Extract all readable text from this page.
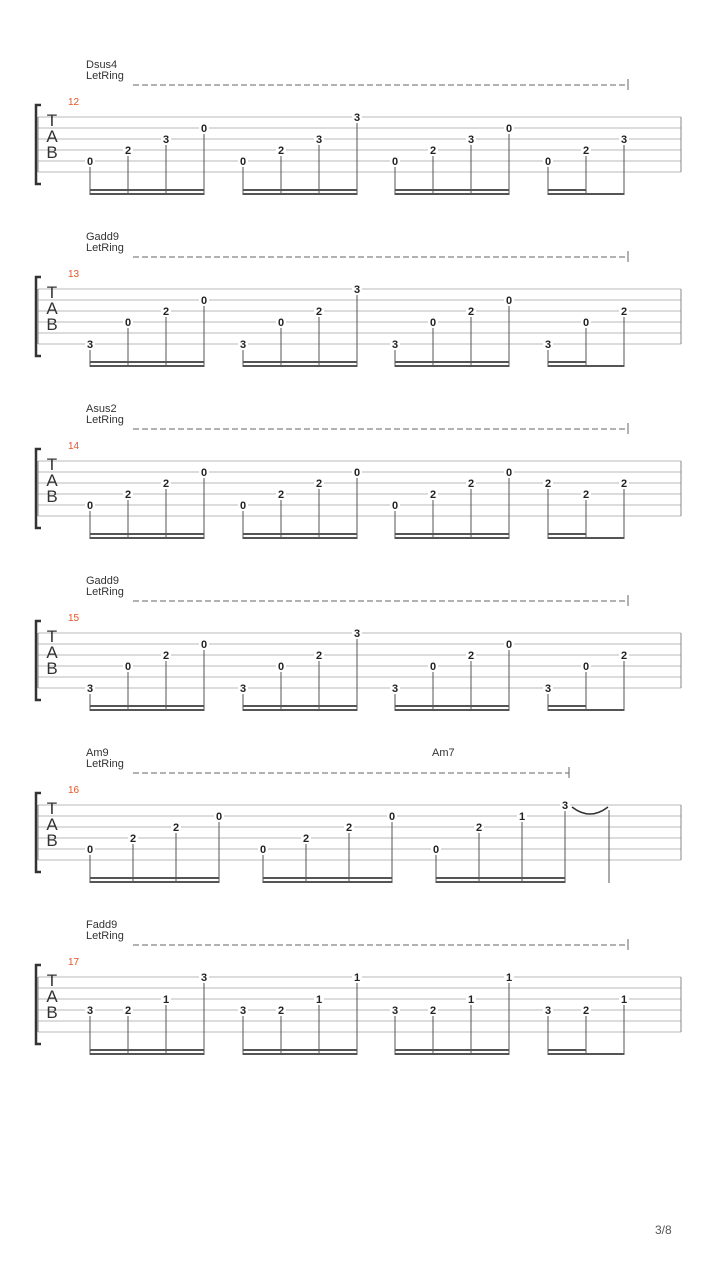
T
A
B
12
Dsus4
LetRing
0
2
3
0
0
2
3
3
0
2
3
0
0
2
3
T
A
B
13
Gadd9
LetRing
3
0
2
0
3
0
2
3
3
0
2
0
3
0
2
T
A
B
14
Asus2
LetRing
0
2
2
0
0
2
2
0
0
2
2
0
2
2
2
T
A
B
15
Gadd9
LetRing
3
0
2
0
3
0
2
3
3
0
2
0
3
0
2
T
A
B
16
Am9	Am7
LetRing
0
2
2
0
0
2
2
0
0
2
1
3
T
A
B
17
Fadd9
LetRing
3	2
1
3
3	2
1
1
3	2
1
1
3	2
1
3/8
